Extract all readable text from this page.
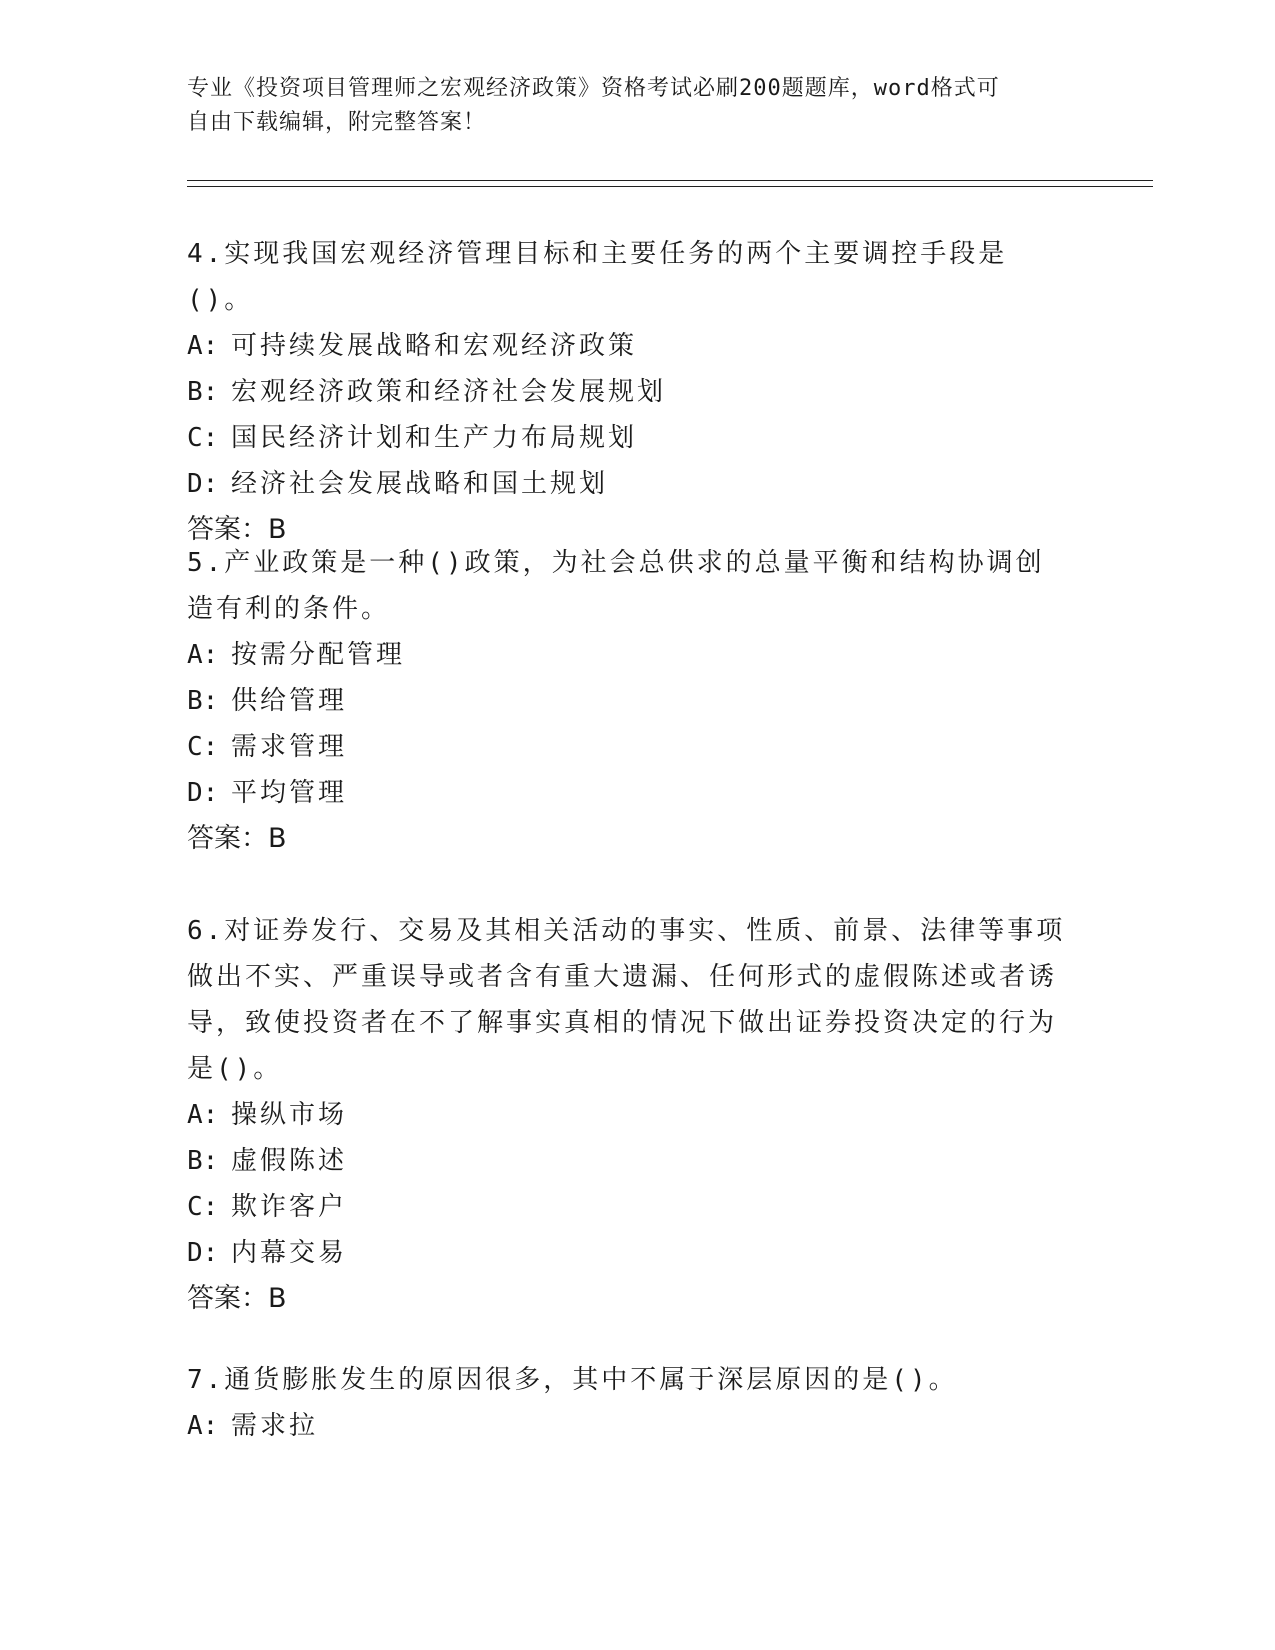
专业《投资项目管理师之宏观经济政策》资格考试必刷200题题库，word格式可
自由下载编辑，附完整答案！

4.实现我国宏观经济管理目标和主要任务的两个主要调控手段是()。

A: 可持续发展战略和宏观经济政策

B: 宏观经济政策和经济社会发展规划

C: 国民经济计划和生产力布局规划

D: 经济社会发展战略和国土规划

答案：B

5.产业政策是一种()政策，为社会总供求的总量平衡和结构协调创造有利的条件。

A: 按需分配管理

B: 供给管理

C: 需求管理

D: 平均管理

答案：B

6.对证券发行、交易及其相关活动的事实、性质、前景、法律等事项做出不实、严重误导或者含有重大遗漏、任何形式的虚假陈述或者诱导，致使投资者在不了解事实真相的情况下做出证券投资决定的行为是()。

A: 操纵市场

B: 虚假陈述

C: 欺诈客户

D: 内幕交易

答案：B

7.通货膨胀发生的原因很多，其中不属于深层原因的是()。

A: 需求拉
